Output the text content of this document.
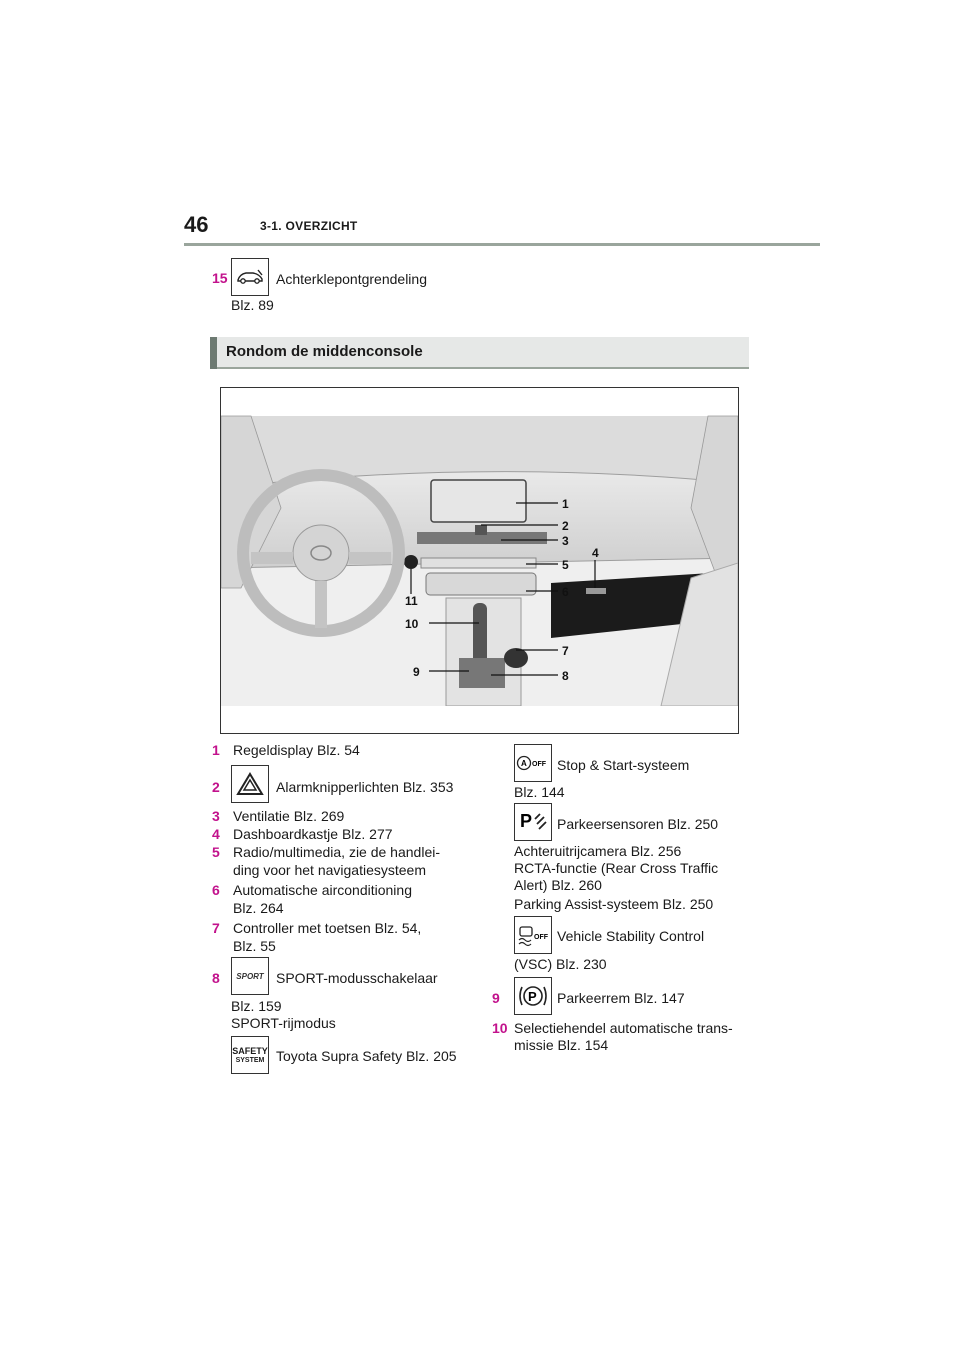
46	3-1. OVERZICHT
15	Achterklepontgrendeling
Blz. 89
Rondom de middenconsole
1
2
3
4
5
6
7
8
9
10
11
1 Regeldisplay Blz. 54
2	Alarmknipperlichten Blz. 353
3 Ventilatie Blz. 269
4 Dashboardkastje Blz. 277
5 Radio/multimedia, zie de handlei-
ding voor het navigatiesysteem
6 Automatische airconditioning
Blz. 264
7 Controller met toetsen Blz. 54,
Blz. 55
8 SPORT SPORT-modusschakelaar
Blz. 159
SPORT-rijmodus
SAFETY
SYSTEM Toyota Supra Safety Blz. 205
A OFF Stop & Start-systeem
Blz. 144
P Parkeersensoren Blz. 250
Achteruitrijcamera Blz. 256
RCTA-functie (Rear Cross Traffic
Alert) Blz. 260
Parking Assist-systeem Blz. 250
OFF Vehicle Stability Control
(VSC) Blz. 230
9 P Parkeerrem Blz. 147
10 Selectiehendel automatische trans-
missie Blz. 154
